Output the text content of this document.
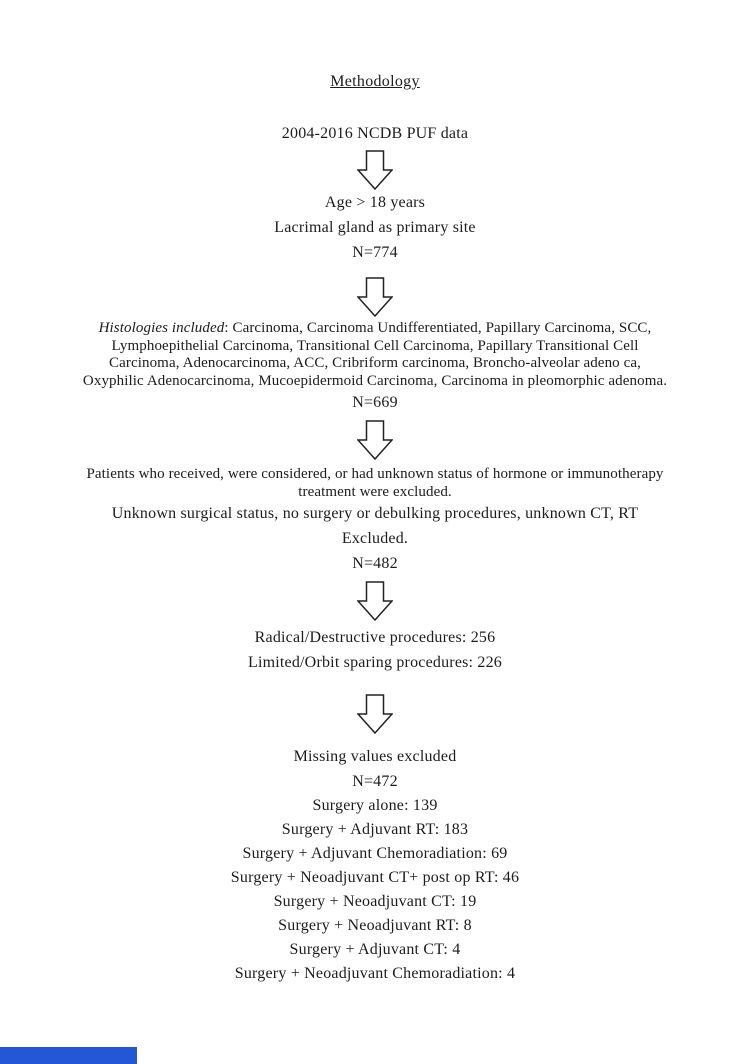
Methodology
2004-2016 NCDB PUF data
Age > 18 years
Lacrimal gland as primary site
N=774
Histologies included: Carcinoma, Carcinoma Undifferentiated, Papillary Carcinoma, SCC,
Lymphoepithelial Carcinoma, Transitional Cell Carcinoma, Papillary Transitional Cell
Carcinoma, Adenocarcinoma, ACC, Cribriform carcinoma, Broncho-alveolar adeno ca,
Oxyphilic Adenocarcinoma, Mucoepidermoid Carcinoma, Carcinoma in pleomorphic adenoma.
N=669
Patients who received, were considered, or had unknown status of hormone or immunotherapy
treatment were excluded.
Unknown surgical status, no surgery or debulking procedures, unknown CT, RT
Excluded.
N=482
Radical/Destructive procedures: 256
Limited/Orbit sparing procedures: 226
Missing values excluded
N=472
Surgery alone: 139
Surgery + Adjuvant RT: 183
Surgery + Adjuvant Chemoradiation: 69
Surgery + Neoadjuvant CT+ post op RT: 46
Surgery + Neoadjuvant CT: 19
Surgery + Neoadjuvant RT: 8
Surgery + Adjuvant CT: 4
Surgery + Neoadjuvant Chemoradiation: 4
